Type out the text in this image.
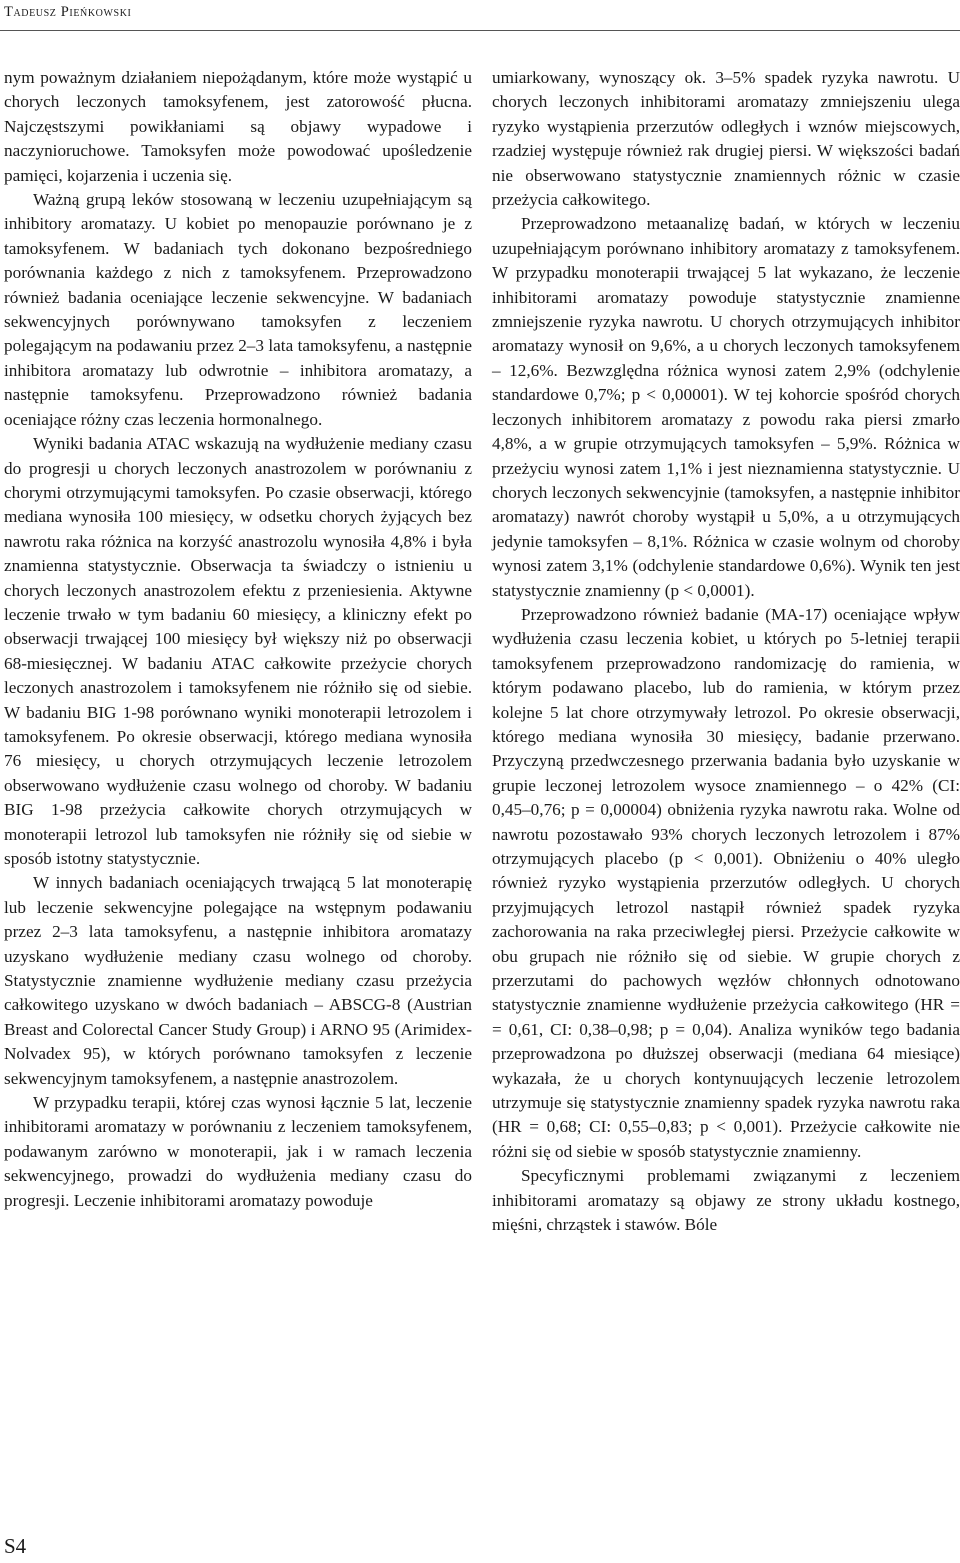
Tadeusz Pieńkowski

nym poważnym działaniem niepożądanym, które może wystąpić u chorych leczonych tamoksyfenem, jest zatorowość płucna. Najczęstszymi powikłaniami są objawy wypadowe i naczynioruchowe. Tamoksyfen może powodować upośledzenie pamięci, kojarzenia i uczenia się.

Ważną grupą leków stosowaną w leczeniu uzupełniającym są inhibitory aromatazy. U kobiet po menopauzie porównano je z tamoksyfenem. W badaniach tych dokonano bezpośredniego porównania każdego z nich z tamoksyfenem. Przeprowadzono również badania oceniające leczenie sekwencyjne. W badaniach sekwencyjnych porównywano tamoksyfen z leczeniem polegającym na podawaniu przez 2–3 lata tamoksyfenu, a następnie inhibitora aromatazy lub odwrotnie – inhibitora aromatazy, a następnie tamoksyfenu. Przeprowadzono również badania oceniające różny czas leczenia hormonalnego.

Wyniki badania ATAC wskazują na wydłużenie mediany czasu do progresji u chorych leczonych anastrozolem w porównaniu z chorymi otrzymującymi tamoksyfen. Po czasie obserwacji, którego mediana wynosiła 100 miesięcy, w odsetku chorych żyjących bez nawrotu raka różnica na korzyść anastrozolu wynosiła 4,8% i była znamienna statystycznie. Obserwacja ta świadczy o istnieniu u chorych leczonych anastrozolem efektu z przeniesienia. Aktywne leczenie trwało w tym badaniu 60 miesięcy, a kliniczny efekt po obserwacji trwającej 100 miesięcy był większy niż po obserwacji 68-miesięcznej. W badaniu ATAC całkowite przeżycie chorych leczonych anastrozolem i tamoksyfenem nie różniło się od siebie. W badaniu BIG 1-98 porównano wyniki monoterapii letrozolem i tamoksyfenem. Po okresie obserwacji, którego mediana wynosiła 76 miesięcy, u chorych otrzymujących leczenie letrozolem obserwowano wydłużenie czasu wolnego od choroby. W badaniu BIG 1-98 przeżycia całkowite chorych otrzymujących w monoterapii letrozol lub tamoksyfen nie różniły się od siebie w sposób istotny statystycznie.

W innych badaniach oceniających trwającą 5 lat monoterapię lub leczenie sekwencyjne polegające na wstępnym podawaniu przez 2–3 lata tamoksyfenu, a następnie inhibitora aromatazy uzyskano wydłużenie mediany czasu wolnego od choroby. Statystycznie znamienne wydłużenie mediany czasu przeżycia całkowitego uzyskano w dwóch badaniach – ABSCG-8 (Austrian Breast and Colorectal Cancer Study Group) i ARNO 95 (Arimidex-Nolvadex 95), w których porównano tamoksyfen z leczenie sekwencyjnym tamoksyfenem, a następnie anastrozolem.

W przypadku terapii, której czas wynosi łącznie 5 lat, leczenie inhibitorami aromatazy w porównaniu z leczeniem tamoksyfenem, podawanym zarówno w monoterapii, jak i w ramach leczenia sekwencyjnego, prowadzi do wydłużenia mediany czasu do progresji. Leczenie inhibitorami aromatazy powoduje

umiarkowany, wynoszący ok. 3–5% spadek ryzyka nawrotu. U chorych leczonych inhibitorami aromatazy zmniejszeniu ulega ryzyko wystąpienia przerzutów odległych i wznów miejscowych, rzadziej występuje również rak drugiej piersi. W większości badań nie obserwowano statystycznie znamiennych różnic w czasie przeżycia całkowitego.

Przeprowadzono metaanalizę badań, w których w leczeniu uzupełniającym porównano inhibitory aromatazy z tamoksyfenem. W przypadku monoterapii trwającej 5 lat wykazano, że leczenie inhibitorami aromatazy powoduje statystycznie znamienne zmniejszenie ryzyka nawrotu. U chorych otrzymujących inhibitor aromatazy wynosił on 9,6%, a u chorych leczonych tamoksyfenem – 12,6%. Bezwzględna różnica wynosi zatem 2,9% (odchylenie standardowe 0,7%; p < 0,00001). W tej kohorcie spośród chorych leczonych inhibitorem aromatazy z powodu raka piersi zmarło 4,8%, a w grupie otrzymujących tamoksyfen – 5,9%. Różnica w przeżyciu wynosi zatem 1,1% i jest nieznamienna statystycznie. U chorych leczonych sekwencyjnie (tamoksyfen, a następnie inhibitor aromatazy) nawrót choroby wystąpił u 5,0%, a u otrzymujących jedynie tamoksyfen – 8,1%. Różnica w czasie wolnym od choroby wynosi zatem 3,1% (odchylenie standardowe 0,6%). Wynik ten jest statystycznie znamienny (p < 0,0001).

Przeprowadzono również badanie (MA-17) oceniające wpływ wydłużenia czasu leczenia kobiet, u których po 5-letniej terapii tamoksyfenem przeprowadzono randomizację do ramienia, w którym podawano placebo, lub do ramienia, w którym przez kolejne 5 lat chore otrzymywały letrozol. Po okresie obserwacji, którego mediana wynosiła 30 miesięcy, badanie przerwano. Przyczyną przedwczesnego przerwania badania było uzyskanie w grupie leczonej letrozolem wysoce znamiennego – o 42% (CI: 0,45–0,76; p = 0,00004) obniżenia ryzyka nawrotu raka. Wolne od nawrotu pozostawało 93% chorych leczonych letrozolem i 87% otrzymujących placebo (p < 0,001). Obniżeniu o 40% uległo również ryzyko wystąpienia przerzutów odległych. U chorych przyjmujących letrozol nastąpił również spadek ryzyka zachorowania na raka przeciwległej piersi. Przeżycie całkowite w obu grupach nie różniło się od siebie. W grupie chorych z przerzutami do pachowych węzłów chłonnych odnotowano statystycznie znamienne wydłużenie przeżycia całkowitego (HR = = 0,61, CI: 0,38–0,98; p = 0,04). Analiza wyników tego badania przeprowadzona po dłuższej obserwacji (mediana 64 miesiące) wykazała, że u chorych kontynuujących leczenie letrozolem utrzymuje się statystycznie znamienny spadek ryzyka nawrotu raka (HR = 0,68; CI: 0,55–0,83; p < 0,001). Przeżycie całkowite nie różni się od siebie w sposób statystycznie znamienny.

Specyficznymi problemami związanymi z leczeniem inhibitorami aromatazy są objawy ze strony układu kostnego, mięśni, chrząstek i stawów. Bóle

S4
